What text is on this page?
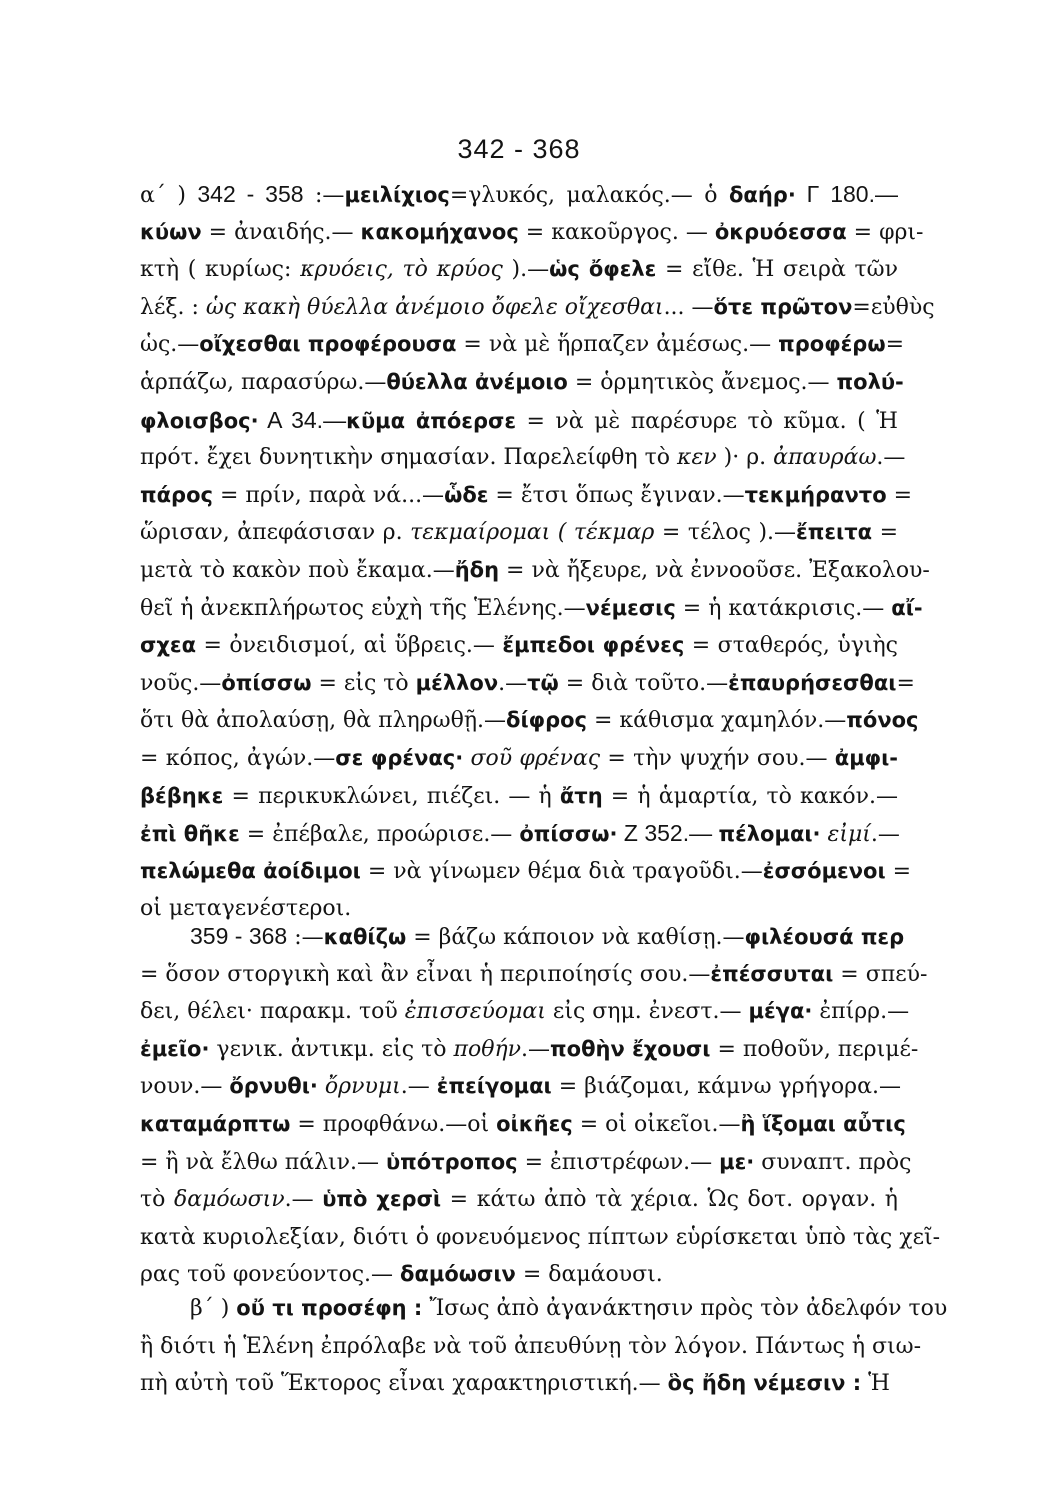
342 - 368
α΄ ) 342 - 358 :—μειλίχιος=γλυκός, μαλακός.— ὁ δαήρ· Γ 180.—
κύων = ἀναιδής.— κακομήχανος = κακοῦργος. — ὀκρυόεσσα = φρι-
κτὴ ( κυρίως: κρυόεις, τὸ κρύος ).—ὡς ὄφελε = εἴθε. Ἡ σειρὰ τῶν
λέξ. : ὡς κακὴ θύελλα ἀνέμοιο ὄφελε οἴχεσθαι... —ὅτε πρῶτον=εὐθὺς
ὡς.—οἴχεσθαι προφέρουσα = νὰ μὲ ἥρπαζεν ἀμέσως.— προφέρω=
ἁρπάζω, παρασύρω.—θύελλα ἀνέμοιο = ὁρμητικὸς ἄνεμος.— πολύ-
φλοισβος· Α 34.—κῦμα ἀπόερσε = νὰ μὲ παρέσυρε τὸ κῦμα. ( Ἡ
πρότ. ἔχει δυνητικὴν σημασίαν. Παρελείφθη τὸ κεν )· ρ. ἀπαυράω.—
πάρος = πρίν, παρὰ νά...—ὧδε = ἔτσι ὅπως ἔγιναν.—τεκμήραντο =
ὥρισαν, ἀπεφάσισαν ρ. τεκμαίρομαι ( τέκμαρ = τέλος ).—ἔπειτα =
μετὰ τὸ κακὸν ποὺ ἔκαμα.—ἤδη = νὰ ἤξευρε, νὰ ἐννοοῦσε. Ἐξακολου-
θεῖ ἡ ἀνεκπλήρωτος εὐχὴ τῆς Ἑλένης.—νέμεσις = ἡ κατάκρισις.— αἴ-
σχεα = ὀνειδισμοί, αἱ ὕβρεις.— ἔμπεδοι φρένες = σταθερός, ὑγιὴς
νοῦς.—ὀπίσσω = εἰς τὸ μέλλον.—τῷ = διὰ τοῦτο.—ἐπαυρήσεσθαι=
ὅτι θὰ ἀπολαύσῃ, θὰ πληρωθῇ.—δίφρος = κάθισμα χαμηλόν.—πόνος
= κόπος, ἀγών.—σε φρένας· σοῦ φρένας = τὴν ψυχήν σου.— ἀμφι-
βέβηκε = περικυκλώνει, πιέζει. — ἡ ἄτη = ἡ ἁμαρτία, τὸ κακόν.—
ἐπὶ θῆκε = ἐπέβαλε, προώρισε.— ὀπίσσω· Ζ 352.— πέλομαι· εἰμί.—
πελώμεθα ἀοίδιμοι = νὰ γίνωμεν θέμα διὰ τραγοῦδι.—ἐσσόμενοι =
οἱ μεταγενέστεροι.
359 - 368 :—καθίζω = βάζω κάποιον νὰ καθίσῃ.—φιλέουσά περ
= ὅσον στοργικὴ καὶ ἂν εἶναι ἡ περιποίησίς σου.—ἐπέσσυται = σπεύ-
δει, θέλει· παρακμ. τοῦ ἐπισσεύομαι εἰς σημ. ἐνεστ.— μέγα· ἐπίρρ.—
ἐμεῖο· γενικ. ἀντικμ. εἰς τὸ ποθήν.—ποθὴν ἔχουσι = ποθοῦν, περιμέ-
νουν.— ὄρνυθι· ὄρνυμι.— ἐπείγομαι = βιάζομαι, κάμνω γρήγορα.—
καταμάρπτω = προφθάνω.—οἱ οἰκῆες = οἱ οἰκεῖοι.—ἢ ἵξομαι αὖτις
= ἢ νὰ ἔλθω πάλιν.— ὑπότροπος = ἐπιστρέφων.— με· συναπτ. πρὸς
τὸ δαμόωσιν.— ὑπὸ χερσὶ = κάτω ἀπὸ τὰ χέρια. Ὡς δοτ. οργαν. ἡ
κατὰ κυριολεξίαν, διότι ὁ φονευόμενος πίπτων εὑρίσκεται ὑπὸ τὰς χεῖ-
ρας τοῦ φονεύοντος.— δαμόωσιν = δαμάουσι.
β΄ ) οὔ τι προσέφη : Ἴσως ἀπὸ ἀγανάκτησιν πρὸς τὸν ἀδελφόν του
ἢ διότι ἡ Ἑλένη ἐπρόλαβε νὰ τοῦ ἀπευθύνῃ τὸν λόγον. Πάντως ἡ σιω-
πὴ αὐτὴ τοῦ Ἕκτορος εἶναι χαρακτηριστική.— ὃς ἤδη νέμεσιν : Ἡ
